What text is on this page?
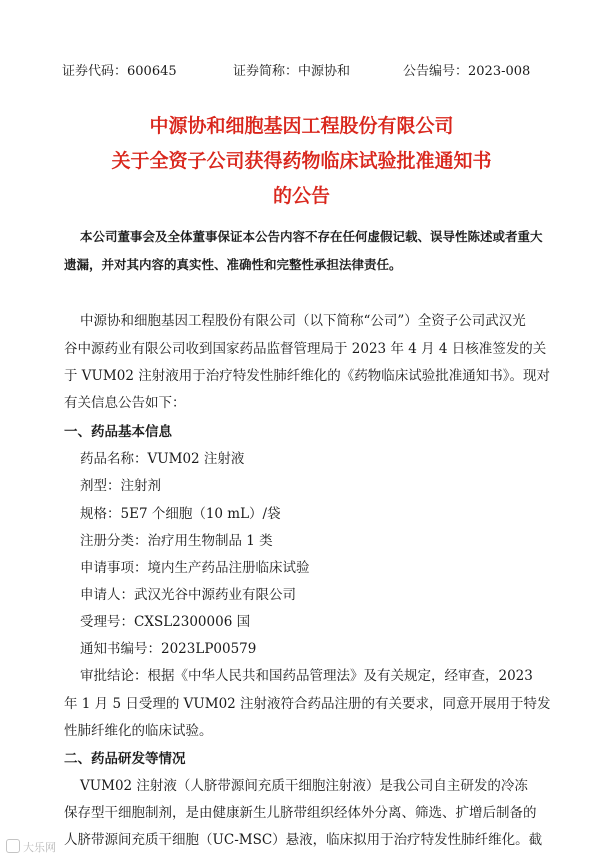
证券代码：600645	证券简称：中源协和	公告编号：2023-008
中源协和细胞基因工程股份有限公司
关于全资子公司获得药物临床试验批准通知书
的公告
本公司董事会及全体董事保证本公告内容不存在任何虚假记载、误导性陈述或者重大
遗漏，并对其内容的真实性、准确性和完整性承担法律责任。
中源协和细胞基因工程股份有限公司（以下简称“公司”）全资子公司武汉光
谷中源药业有限公司收到国家药品监督管理局于 2023 年 4 月 4 日核准签发的关
于 VUM02 注射液用于治疗特发性肺纤维化的《药物临床试验批准通知书》。现对
有关信息公告如下：
一、药品基本信息
药品名称：VUM02 注射液
剂型：注射剂
规格：5E7 个细胞（10 mL）/袋
注册分类：治疗用生物制品 1 类
申请事项：境内生产药品注册临床试验
申请人：武汉光谷中源药业有限公司
受理号：CXSL2300006 国
通知书编号：2023LP00579
审批结论：根据《中华人民共和国药品管理法》及有关规定，经审查，2023
年 1 月 5 日受理的 VUM02 注射液符合药品注册的有关要求，同意开展用于特发
性肺纤维化的临床试验。
二、药品研发等情况
VUM02 注射液（人脐带源间充质干细胞注射液）是我公司自主研发的冷冻
保存型干细胞制剂，是由健康新生儿脐带组织经体外分离、筛选、扩增后制备的
人脐带源间充质干细胞（UC-MSC）悬液，临床拟用于治疗特发性肺纤维化。截
大乐网
